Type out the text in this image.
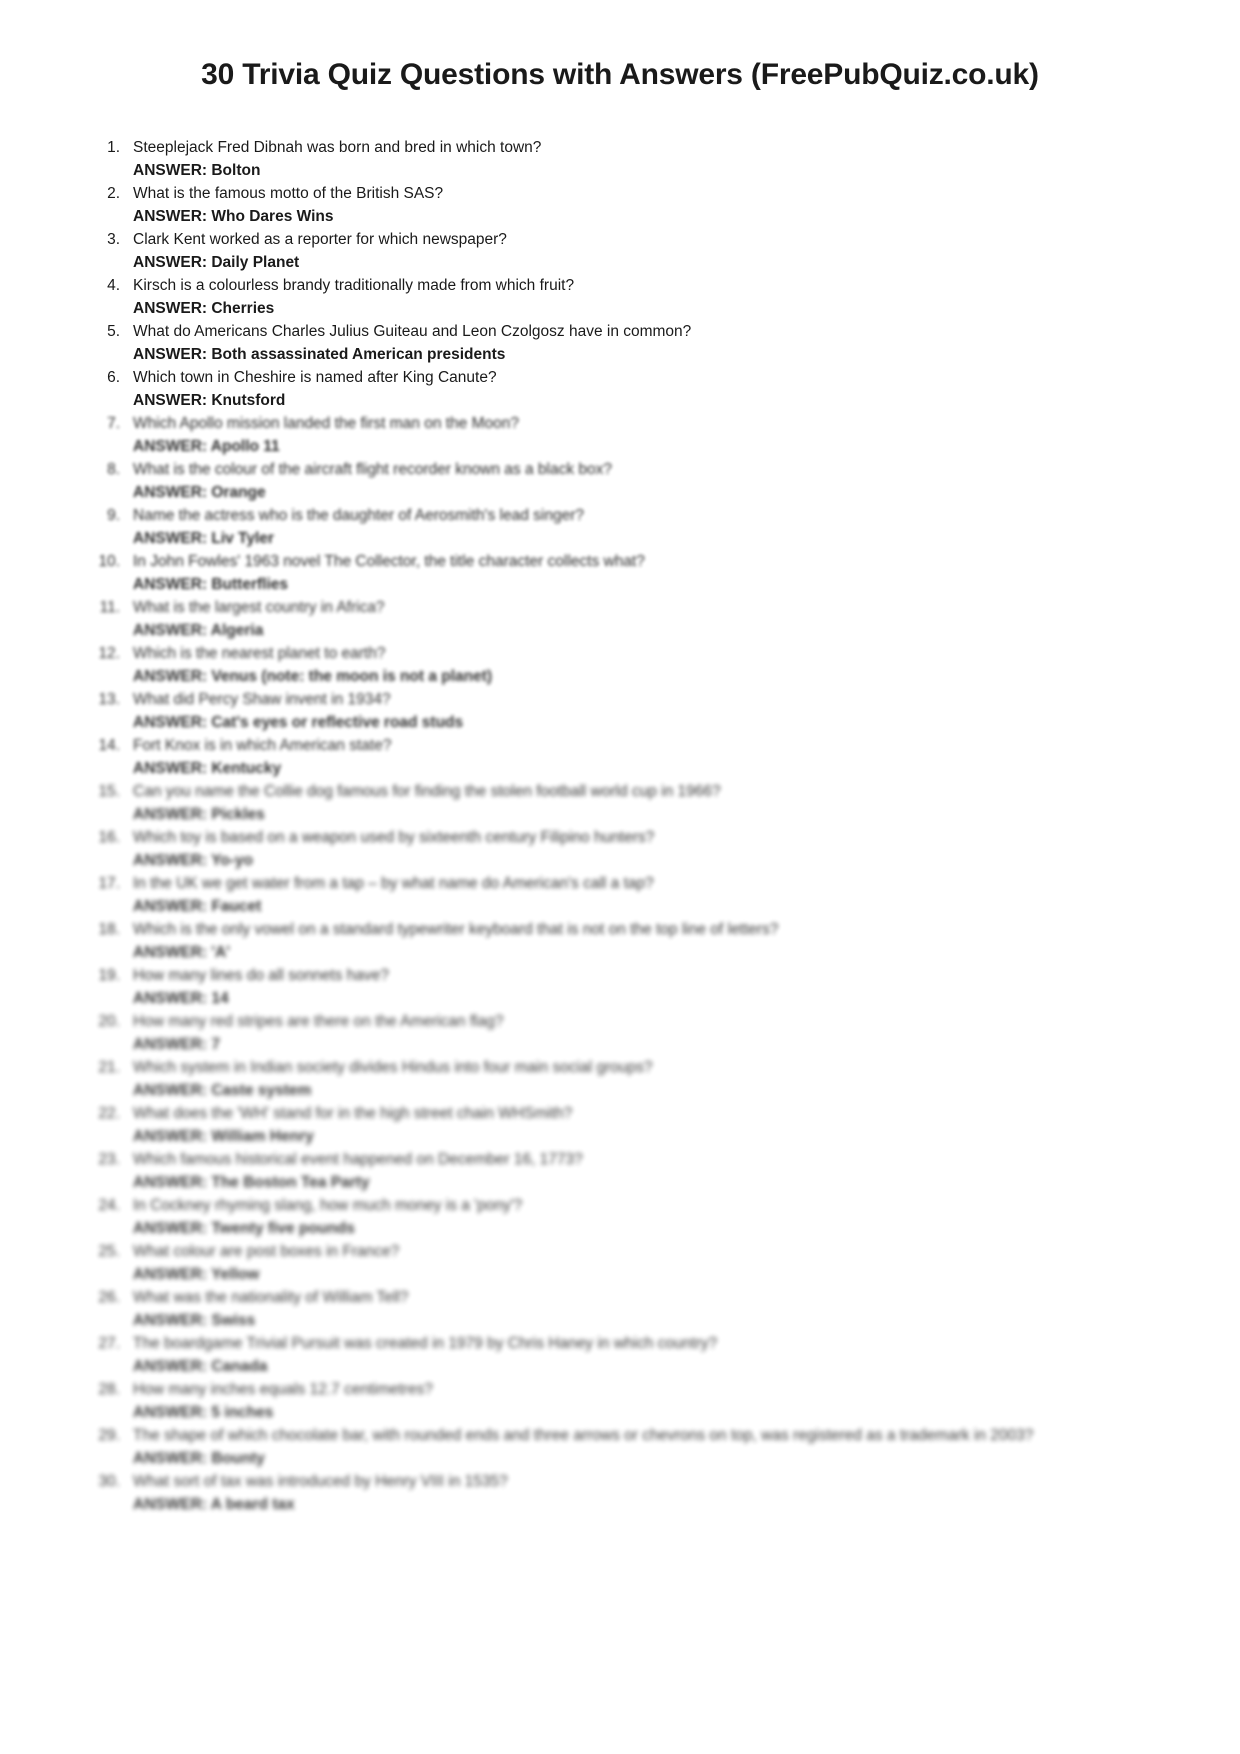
30 Trivia Quiz Questions with Answers (FreePubQuiz.co.uk)
Steeplejack Fred Dibnah was born and bred in which town?
ANSWER: Bolton
What is the famous motto of the British SAS?
ANSWER: Who Dares Wins
Clark Kent worked as a reporter for which newspaper?
ANSWER: Daily Planet
Kirsch is a colourless brandy traditionally made from which fruit?
ANSWER: Cherries
What do Americans Charles Julius Guiteau and Leon Czolgosz have in common?
ANSWER: Both assassinated American presidents
Which town in Cheshire is named after King Canute?
ANSWER: Knutsford
Which Apollo mission landed the first man on the Moon?
ANSWER: Apollo 11
What is the colour of the aircraft flight recorder known as a black box?
ANSWER: Orange
Name the actress who is the daughter of Aerosmith's lead singer?
ANSWER: Liv Tyler
In John Fowles' 1963 novel The Collector, the title character collects what?
ANSWER: Butterflies
What is the largest country in Africa?
ANSWER: Algeria
Which is the nearest planet to earth?
ANSWER: Venus (note: the moon is not a planet)
What did Percy Shaw invent in 1934?
ANSWER: Cat's eyes or reflective road studs
Fort Knox is in which American state?
ANSWER: Kentucky
Can you name the Collie dog famous for finding the stolen football world cup in 1966?
ANSWER: Pickles
Which toy is based on a weapon used by sixteenth century Filipino hunters?
ANSWER: Yo-yo
In the UK we get water from a tap – by what name do American's call a tap?
ANSWER: Faucet
Which is the only vowel on a standard typewriter keyboard that is not on the top line of letters?
ANSWER: 'A'
How many lines do all sonnets have?
ANSWER: 14
How many red stripes are there on the American flag?
ANSWER: 7
Which system in Indian society divides Hindus into four main social groups?
ANSWER: Caste system
What does the 'WH' stand for in the high street chain WHSmith?
ANSWER: William Henry
Which famous historical event happened on December 16, 1773?
ANSWER: The Boston Tea Party
In Cockney rhyming slang, how much money is a 'pony'?
ANSWER: Twenty five pounds
What colour are post boxes in France?
ANSWER: Yellow
What was the nationality of William Tell?
ANSWER: Swiss
The boardgame Trivial Pursuit was created in 1979 by Chris Haney in which country?
ANSWER: Canada
How many inches equals 12.7 centimetres?
ANSWER: 5 inches
The shape of which chocolate bar, with rounded ends and three arrows or chevrons on top, was registered as a trademark in 2003?
ANSWER: Bounty
What sort of tax was introduced by Henry VIII in 1535?
ANSWER: A beard tax
